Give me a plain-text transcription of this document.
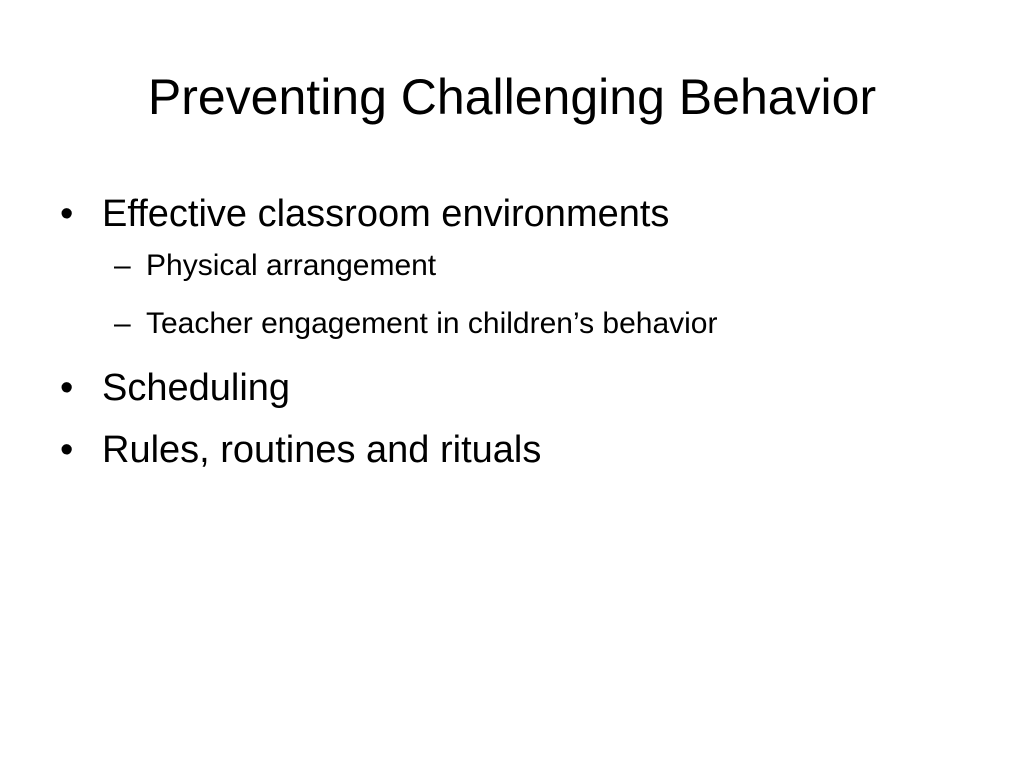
Preventing Challenging Behavior
• Effective classroom environments
– Physical arrangement
– Teacher engagement in children’s behavior
• Scheduling
• Rules, routines and rituals
